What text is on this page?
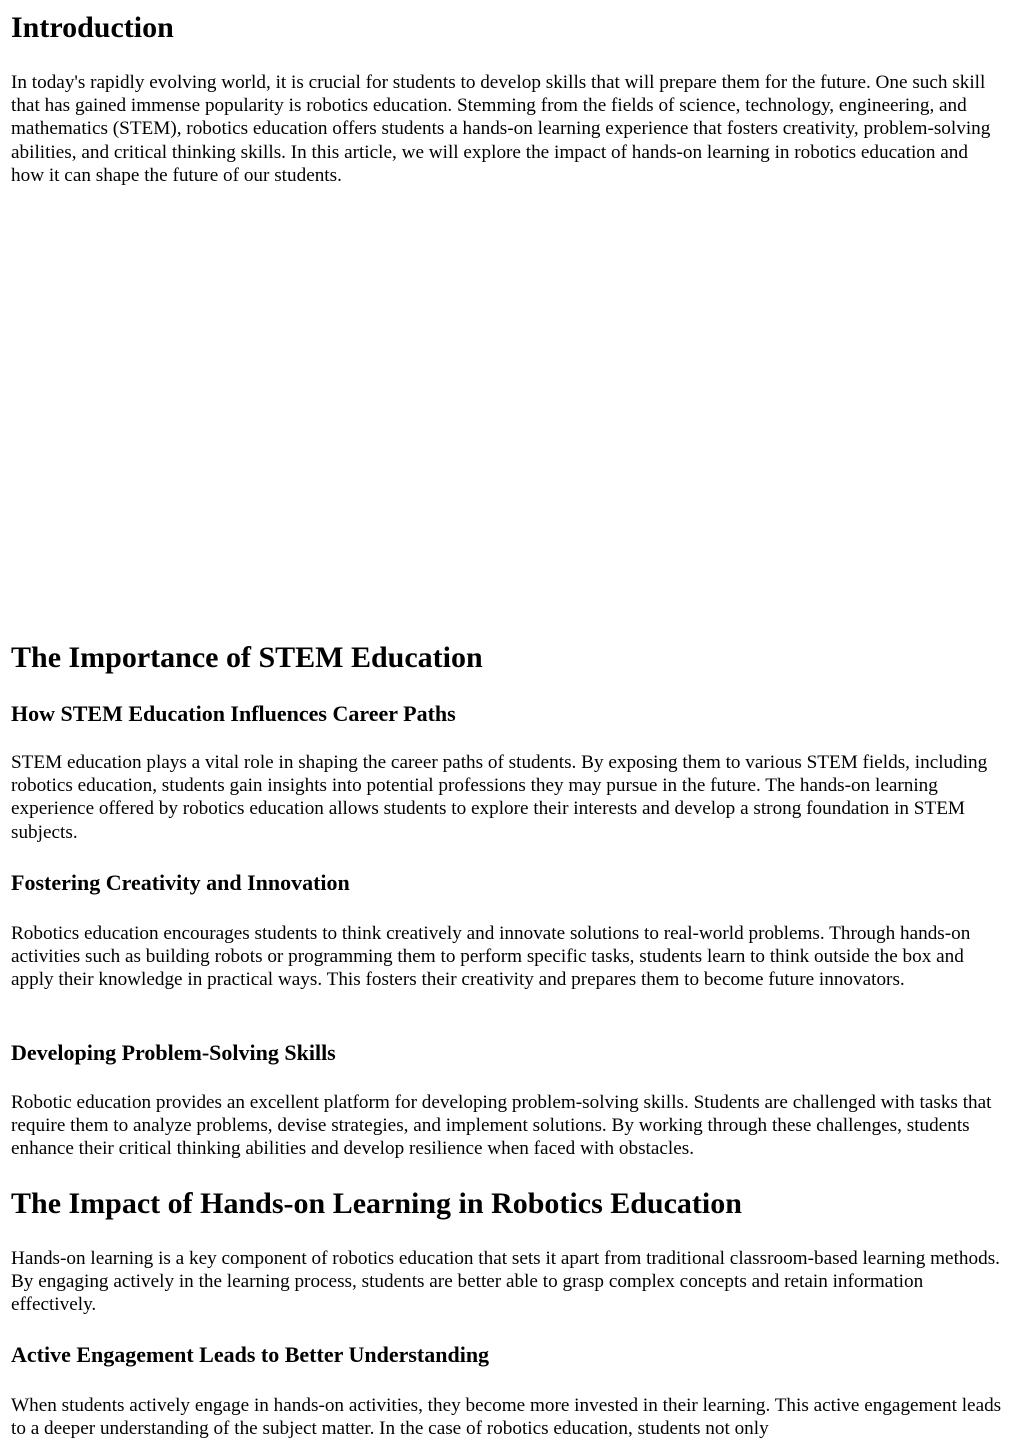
Introduction

In today's rapidly evolving world, it is crucial for students to develop skills that will prepare them for the future. One such skill that has gained immense popularity is robotics education. Stemming from the fields of science, technology, engineering, and mathematics (STEM), robotics education offers students a hands-on learning experience that fosters creativity, problem-solving abilities, and critical thinking skills. In this article, we will explore the impact of hands-on learning in robotics education and how it can shape the future of our students.

The Importance of STEM Education
How STEM Education Influences Career Paths

STEM education plays a vital role in shaping the career paths of students. By exposing them to various STEM fields, including robotics education, students gain insights into potential professions they may pursue in the future. The hands-on learning experience offered by robotics education allows students to explore their interests and develop a strong foundation in STEM subjects.

Fostering Creativity and Innovation

Robotics education encourages students to think creatively and innovate solutions to real-world problems. Through hands-on activities such as building robots or programming them to perform specific tasks, students learn to think outside the box and apply their knowledge in practical ways. This fosters their creativity and prepares them to become future innovators.

Developing Problem-Solving Skills

Robotic education provides an excellent platform for developing problem-solving skills. Students are challenged with tasks that require them to analyze problems, devise strategies, and implement solutions. By working through these challenges, students enhance their critical thinking abilities and develop resilience when faced with obstacles.

The Impact of Hands-on Learning in Robotics Education

Hands-on learning is a key component of robotics education that sets it apart from traditional classroom-based learning methods. By engaging actively in the learning process, students are better able to grasp complex concepts and retain information effectively.

Active Engagement Leads to Better Understanding

When students actively engage in hands-on activities, they become more invested in their learning. This active engagement leads to a deeper understanding of the subject matter. In the case of robotics education, students not only
